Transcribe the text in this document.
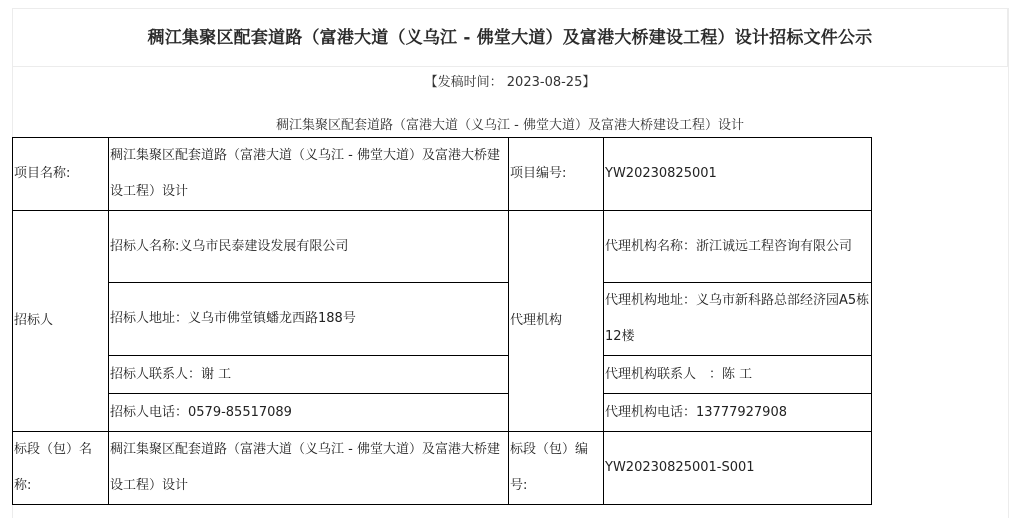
稠江集聚区配套道路（富港大道（义乌江 - 佛堂大道）及富港大桥建设工程）设计招标文件公示
【发稿时间： 2023-08-25】
稠江集聚区配套道路（富港大道（义乌江 - 佛堂大道）及富港大桥建设工程）设计
项目名称:	稠江集聚区配套道路（富港大道（义乌江 - 佛堂大道）及富港大桥建设工程）设计	项目编号:	YW20230825001
招标人	招标人名称:义乌市民泰建设发展有限公司	代理机构	代理机构名称：浙江诚远工程咨询有限公司
	招标人地址：义乌市佛堂镇蟠龙西路188号		代理机构地址：义乌市新科路总部经济园A5栋12楼
	招标人联系人：谢 工		代理机构联系人　：陈 工
	招标人电话：0579-85517089		代理机构电话：13777927908
标段（包）名称:	稠江集聚区配套道路（富港大道（义乌江 - 佛堂大道）及富港大桥建设工程）设计	标段（包）编号:	YW20230825001-S001
